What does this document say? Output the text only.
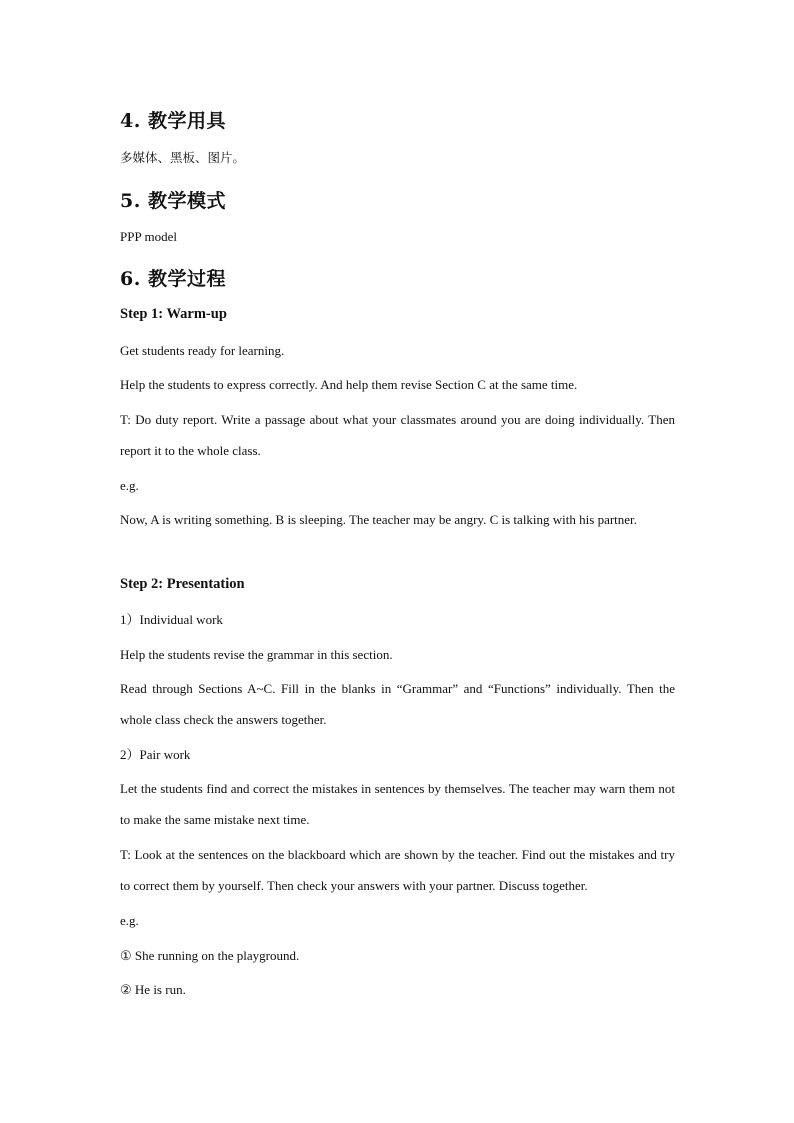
4. 教学用具
多媒体、黑板、图片。
5. 教学模式
PPP model
6. 教学过程
Step 1: Warm-up
Get students ready for learning.
Help the students to express correctly. And help them revise Section C at the same time.
T: Do duty report. Write a passage about what your classmates around you are doing individually. Then report it to the whole class.
e.g.
Now, A is writing something. B is sleeping. The teacher may be angry. C is talking with his partner.
Step 2: Presentation
1）Individual work
Help the students revise the grammar in this section.
Read through Sections A~C. Fill in the blanks in “Grammar” and “Functions” individually. Then the whole class check the answers together.
2）Pair work
Let the students find and correct the mistakes in sentences by themselves. The teacher may warn them not to make the same mistake next time.
T: Look at the sentences on the blackboard which are shown by the teacher. Find out the mistakes and try to correct them by yourself. Then check your answers with your partner. Discuss together.
e.g.
① She running on the playground.
② He is run.
